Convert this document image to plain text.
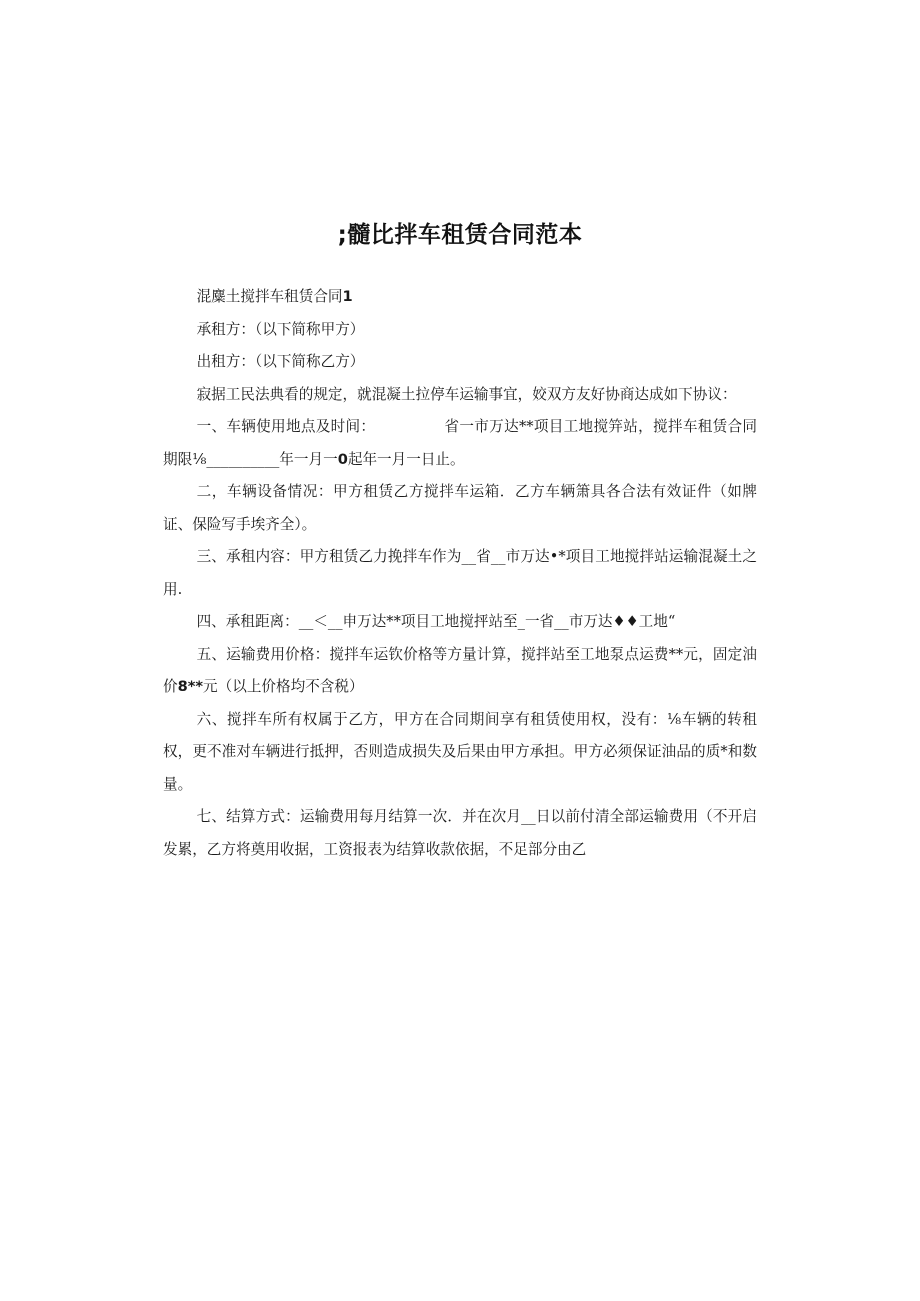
;髓比拌车租赁合同范本

混麋土搅拌车租赁合同1

承租方：（以下简称甲方）

出租方：（以下简称乙方）

寂据工民法典看的规定，就混凝土拉停车运输事宜，姣双方友好协商达成如下协议：

一、车辆使用地点及时间：              省一市万达**项目工地搅笄站，搅拌车租赁合同期限⅛__________年一月一0起年一月一日止。

二，车辆设备情况：甲方租赁乙方搅拌车运箱．乙方车辆箫具各合法有效证件（如牌证、保险写手埃齐全）。

三、承租内容：甲方租赁乙力挽拌车作为__省__市万达•*项目工地搅拌站运输混凝土之用.

四、承租距离：__＜__申万达**项目工地搅抨站至_一省__市万达♦♦工地“

五、运输费用价格：搅拌车运钦价格等方量计算，搅拌站至工地泵点运费**元，固定油价8**元（以上价格均不含税）

六、搅拌车所有权属于乙方，甲方在合同期间享有租赁使用权，没有：⅛车辆的转租权，更不准对车辆进行抵押，否则造成损失及后果由甲方承担。甲方必须保证油品的质*和数量。

七、结算方式：运输费用每月结算一次．并在次月__日以前付清全部运输费用（不开启发累，乙方将奠用收据，工资报表为结算收款依据，不足部分由乙
